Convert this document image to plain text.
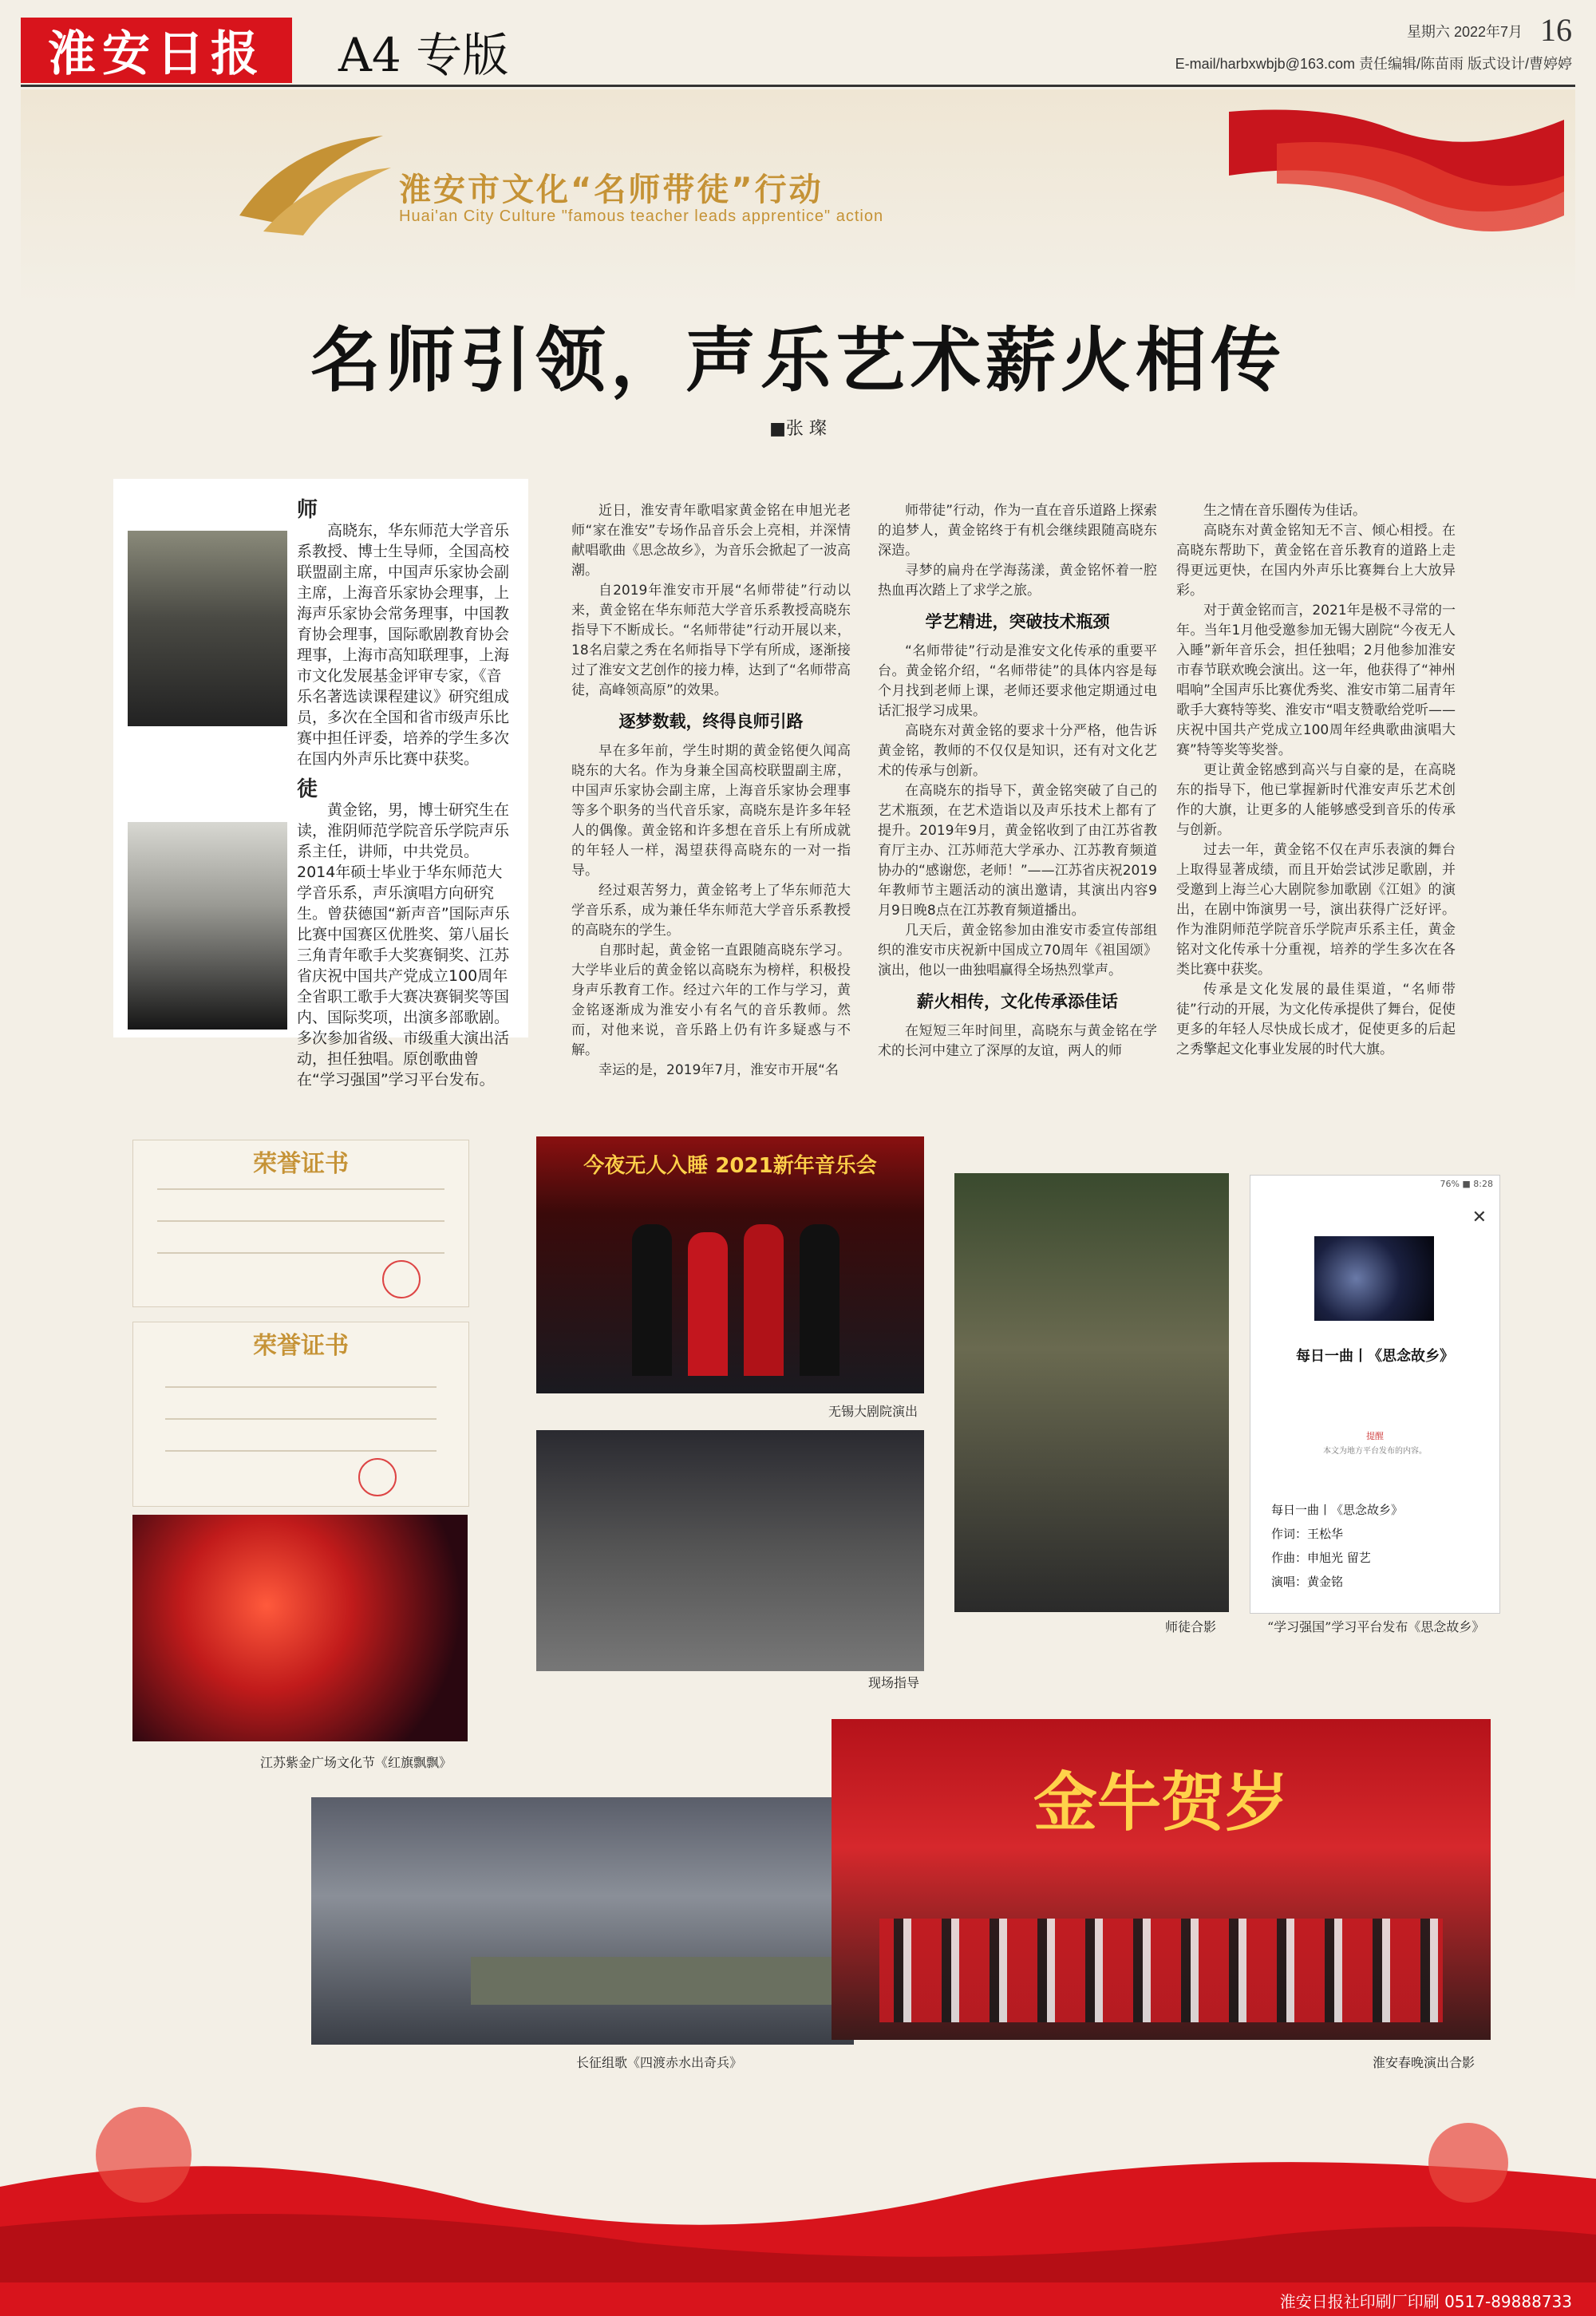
淮安日报	A4 专版	星期六 2022年7月 16
E-mail/harbxwbjb@163.com 责任编辑/陈苗雨 版式设计/曹婷婷
淮安市文化“名师带徒”行动
Huai'an City Culture "famous teacher leads apprentice" action
名师引领，声乐艺术薪火相传
■张 璨
师
高晓东，华东师范大学音乐系教授、博士生导师，全国高校联盟副主席，中国声乐家协会副主席，上海音乐家协会理事，上海声乐家协会常务理事，中国教育协会理事，国际歌剧教育协会理事，上海市高知联理事，上海市文化发展基金评审专家，《音乐名著选读课程建议》研究组成员，多次在全国和省市级声乐比赛中担任评委，培养的学生多次在国内外声乐比赛中获奖。
徒
黄金铭，男，博士研究生在读，淮阴师范学院音乐学院声乐系主任，讲师，中共党员。2014年硕士毕业于华东师范大学音乐系，声乐演唱方向研究生。曾获德国“新声音”国际声乐比赛中国赛区优胜奖、第八届长三角青年歌手大奖赛铜奖、江苏省庆祝中国共产党成立100周年全省职工歌手大赛决赛铜奖等国内、国际奖项，出演多部歌剧。多次参加省级、市级重大演出活动，担任独唱。原创歌曲曾在“学习强国”学习平台发布。

近日，淮安青年歌唱家黄金铭在申旭光老师“家在淮安”专场作品音乐会上亮相，并深情献唱歌曲《思念故乡》，为音乐会掀起了一波高潮。

自2019年淮安市开展“名师带徒”行动以来，黄金铭在华东师范大学音乐系教授高晓东指导下不断成长。“名师带徒”行动开展以来，18名启蒙之秀在名师指导下学有所成，逐渐接过了淮安文艺创作的接力棒，达到了“名师带高徒，高峰领高原”的效果。

逐梦数载，终得良师引路

早在多年前，学生时期的黄金铭便久闻高晓东的大名。作为身兼全国高校联盟副主席，中国声乐家协会副主席，上海音乐家协会理事等多个职务的当代音乐家，高晓东是许多年轻人的偶像。黄金铭和许多想在音乐上有所成就的年轻人一样，渴望获得高晓东的一对一指导。

经过艰苦努力，黄金铭考上了华东师范大学音乐系，成为兼任华东师范大学音乐系教授的高晓东的学生。

自那时起，黄金铭一直跟随高晓东学习。大学毕业后的黄金铭以高晓东为榜样，积极投身声乐教育工作。经过六年的工作与学习，黄金铭逐渐成为淮安小有名气的音乐教师。然而，对他来说，音乐路上仍有许多疑惑与不解。

幸运的是，2019年7月，淮安市开展“名

师带徒”行动，作为一直在音乐道路上探索的追梦人，黄金铭终于有机会继续跟随高晓东深造。

寻梦的扁舟在学海荡漾，黄金铭怀着一腔热血再次踏上了求学之旅。

学艺精进，突破技术瓶颈

“名师带徒”行动是淮安文化传承的重要平台。黄金铭介绍，“名师带徒”的具体内容是每个月找到老师上课，老师还要求他定期通过电话汇报学习成果。

高晓东对黄金铭的要求十分严格，他告诉黄金铭，教师的不仅仅是知识，还有对文化艺术的传承与创新。

在高晓东的指导下，黄金铭突破了自己的艺术瓶颈，在艺术造诣以及声乐技术上都有了提升。2019年9月，黄金铭收到了由江苏省教育厅主办、江苏师范大学承办、江苏教育频道协办的“感谢您，老师！”——江苏省庆祝2019年教师节主题活动的演出邀请，其演出内容9月9日晚8点在江苏教育频道播出。

几天后，黄金铭参加由淮安市委宣传部组织的淮安市庆祝新中国成立70周年《祖国颂》演出，他以一曲独唱赢得全场热烈掌声。

薪火相传，文化传承添佳话

在短短三年时间里，高晓东与黄金铭在学术的长河中建立了深厚的友谊，两人的师

生之情在音乐圈传为佳话。

高晓东对黄金铭知无不言、倾心相授。在高晓东帮助下，黄金铭在音乐教育的道路上走得更远更快，在国内外声乐比赛舞台上大放异彩。

对于黄金铭而言，2021年是极不寻常的一年。当年1月他受邀参加无锡大剧院“今夜无人入睡”新年音乐会，担任独唱；2月他参加淮安市春节联欢晚会演出。这一年，他获得了“神州唱响”全国声乐比赛优秀奖、淮安市第二届青年歌手大赛特等奖、淮安市“唱支赞歌给党听——庆祝中国共产党成立100周年经典歌曲演唱大赛”特等奖等奖誉。

更让黄金铭感到高兴与自豪的是，在高晓东的指导下，他已掌握新时代淮安声乐艺术创作的大旗，让更多的人能够感受到音乐的传承与创新。

过去一年，黄金铭不仅在声乐表演的舞台上取得显著成绩，而且开始尝试涉足歌剧，并受邀到上海兰心大剧院参加歌剧《江姐》的演出，在剧中饰演男一号，演出获得广泛好评。作为淮阴师范学院音乐学院声乐系主任，黄金铭对文化传承十分重视，培养的学生多次在各类比赛中获奖。

传承是文化发展的最佳渠道，“名师带徒”行动的开展，为文化传承提供了舞台，促使更多的年轻人尽快成长成才，促使更多的后起之秀擎起文化事业发展的时代大旗。

荣誉证书
荣誉证书
江苏紫金广场文化节《红旗飘飘》
今夜无人入睡 2021新年音乐会
无锡大剧院演出
现场指导
师徒合影
76% ■ 8:28
✕
每日一曲丨《思念故乡》
提醒
本文为地方平台发布的内容。
每日一曲丨《思念故乡》
作词：王松华
作曲：申旭光 留艺
演唱：黄金铭
“学习强国”学习平台发布《思念故乡》
长征组歌《四渡赤水出奇兵》
金牛贺岁
淮安春晚演出合影
淮安日报社印刷厂印刷 0517-89888733
